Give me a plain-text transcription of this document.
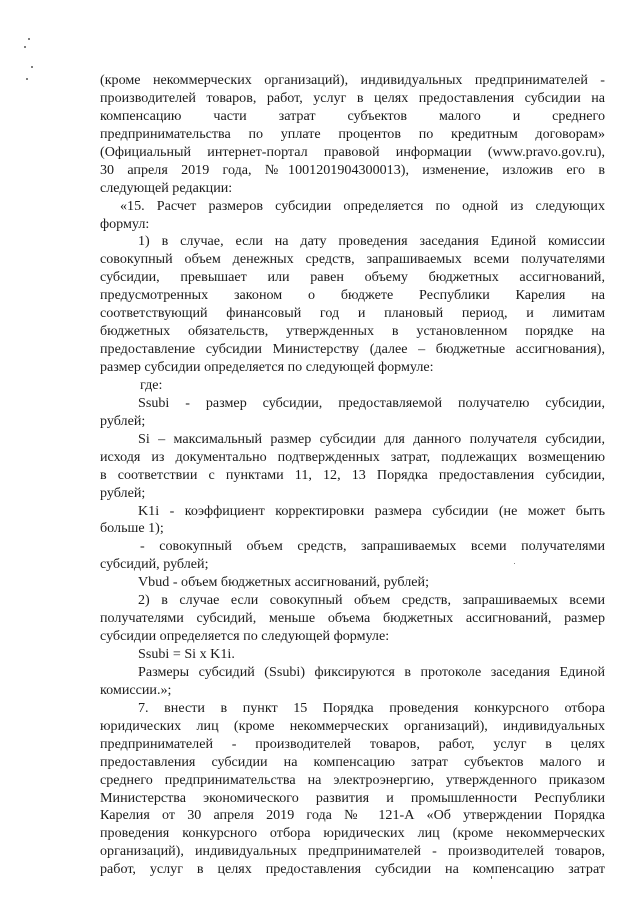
(кроме некоммерческих организаций), индивидуальных предпринимателей -
производителей товаров, работ, услуг в целях предоставления субсидии на
компенсацию части затрат субъектов малого и среднего
предпринимательства по уплате процентов по кредитным договорам»
(Официальный интернет-портал правовой информации (www.pravo.gov.ru),
30 апреля 2019 года, №1001201904300013), изменение, изложив его в
следующей редакции:
«15. Расчет размеров субсидии определяется по одной из следующих
формул:
1) в случае, если на дату проведения заседания Единой комиссии
совокупный объем денежных средств, запрашиваемых всеми получателями
субсидии, превышает или равен объему бюджетных ассигнований,
предусмотренных законом о бюджете Республики Карелия на
соответствующий финансовый год и плановый период, и лимитам
бюджетных обязательств, утвержденных в установленном порядке на
предоставление субсидии Министерству (далее – бюджетные ассигнования),
размер субсидии определяется по следующей формуле:
где:
Ssubi - размер субсидии, предоставляемой получателю субсидии,
рублей;
Si – максимальный размер субсидии для данного получателя субсидии,
исходя из документально подтвержденных затрат, подлежащих возмещению
в соответствии с пунктами 11, 12, 13 Порядка предоставления субсидии,
рублей;
K1i - коэффициент корректировки размера субсидии (не может быть
больше 1);
- совокупный объем средств, запрашиваемых всеми получателями
субсидий, рублей;
Vbud - объем бюджетных ассигнований, рублей;
2) в случае если совокупный объем средств, запрашиваемых всеми
получателями субсидий, меньше объема бюджетных ассигнований, размер
субсидии определяется по следующей формуле:
Ssubi = Si x K1i.
Размеры субсидий (Ssubi) фиксируются в протоколе заседания Единой
комиссии.»;
7. внести в пункт 15 Порядка проведения конкурсного отбора
юридических лиц (кроме некоммерческих организаций), индивидуальных
предпринимателей - производителей товаров, работ, услуг в целях
предоставления субсидии на компенсацию затрат субъектов малого и
среднего предпринимательства на электроэнергию, утвержденного приказом
Министерства экономического развития и промышленности Республики
Карелия от 30 апреля 2019 года № 121-А «Об утверждении Порядка
проведения конкурсного отбора юридических лиц (кроме некоммерческих
организаций), индивидуальных предпринимателей - производителей товаров,
работ, услуг в целях предоставления субсидии на компенсацию затрат
